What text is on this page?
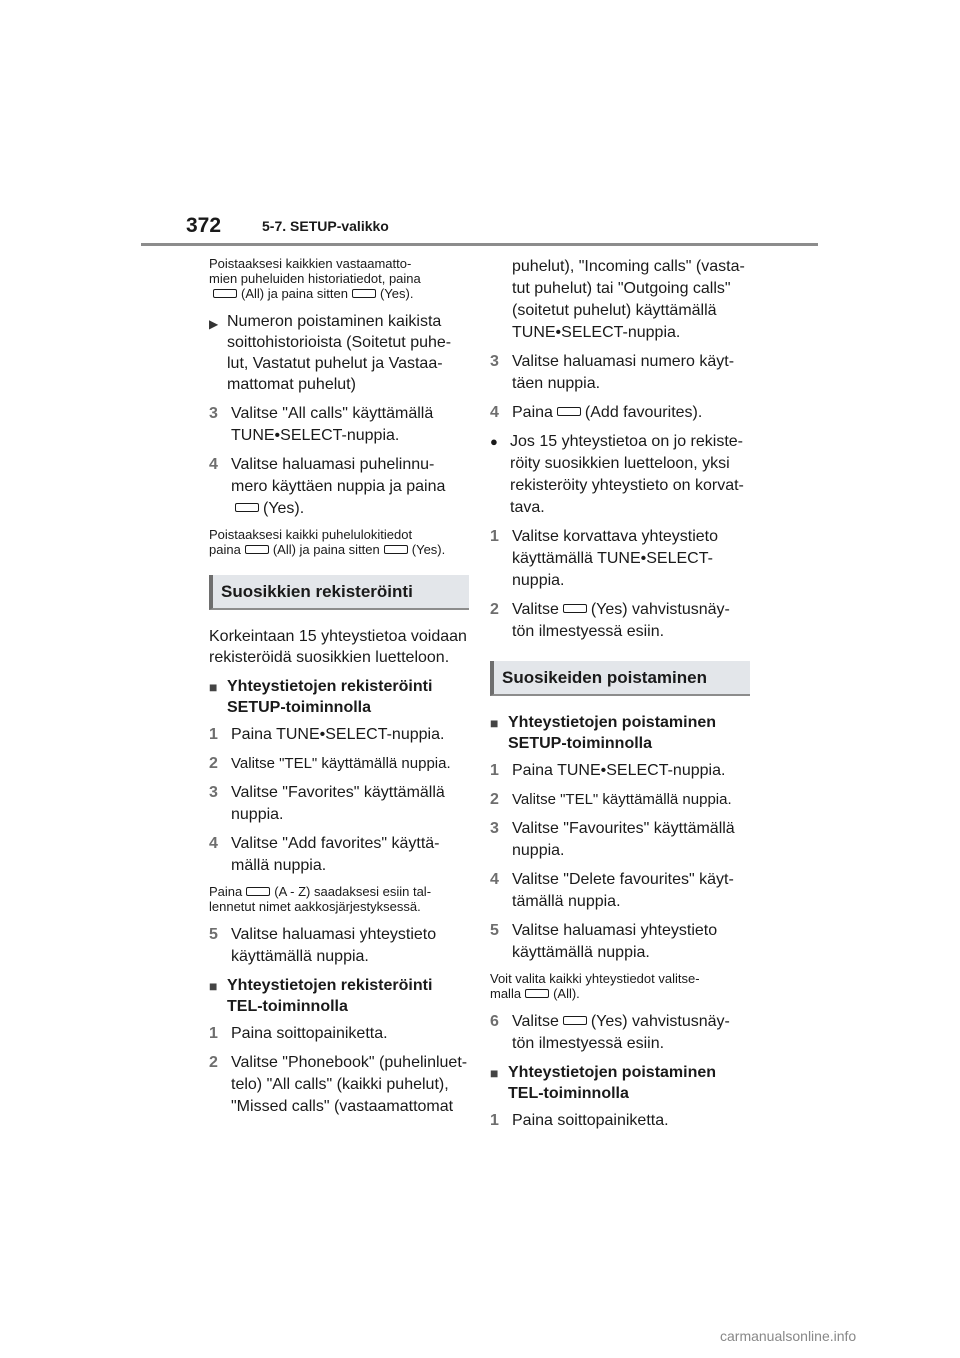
372	5-7. SETUP-valikko

Poistaaksesi kaikkien vastaamatto-
mien puheluiden historiatiedot, paina
(All) ja paina sitten (Yes).

▶ Numeron poistaminen kaikista soittohistorioista (Soitetut puhe-lut, Vastatut puhelut ja Vastaa-mattomat puhelut)
3 Valitse "All calls" käyttämällä TUNE•SELECT-nuppia.
4 Valitse haluamasi puhelinnu-mero käyttäen nuppia ja paina
(Yes).

Poistaaksesi kaikki puhelulokitiedot
paina (All) ja paina sitten (Yes).

Suosikkien rekisteröinti

Korkeintaan 15 yhteystietoa voidaan rekisteröidä suosikkien luetteloon.

■ Yhteystietojen rekisteröinti SETUP-toiminnolla
1 Paina TUNE•SELECT-nuppia.
2 Valitse "TEL" käyttämällä nuppia.
3 Valitse "Favorites" käyttämällä nuppia.
4 Valitse "Add favorites" käyttä-mällä nuppia.

Paina (A - Z) saadaksesi esiin tal-
lennetut nimet aakkosjärjestyksessä.

5 Valitse haluamasi yhteystieto käyttämällä nuppia.
■ Yhteystietojen rekisteröinti TEL-toiminnolla
1 Paina soittopainiketta.
2 Valitse "Phonebook" (puhelinluet-telo) "All calls" (kaikki puhelut), "Missed calls" (vastaamattomat
puhelut), "Incoming calls" (vasta-tut puhelut) tai "Outgoing calls" (soitetut puhelut) käyttämällä TUNE•SELECT-nuppia.
3 Valitse haluamasi numero käyt-täen nuppia.
4 Paina (Add favourites).
● Jos 15 yhteystietoa on jo rekiste-röity suosikkien luetteloon, yksi rekisteröity yhteystieto on korvat-tava.
1 Valitse korvattava yhteystieto käyttämällä TUNE•SELECT-nuppia.
2 Valitse (Yes) vahvistusnäy-tön ilmestyessä esiin.
Suosikeiden poistaminen
■ Yhteystietojen poistaminen SETUP-toiminnolla
1 Paina TUNE•SELECT-nuppia.
2 Valitse "TEL" käyttämällä nuppia.
3 Valitse "Favourites" käyttämällä nuppia.
4 Valitse "Delete favourites" käyt-tämällä nuppia.
5 Valitse haluamasi yhteystieto käyttämällä nuppia.

Voit valita kaikki yhteystiedot valitse-
malla (All).

6 Valitse (Yes) vahvistusnäy-tön ilmestyessä esiin.
■ Yhteystietojen poistaminen TEL-toiminnolla
1 Paina soittopainiketta.
carmanualsonline.info
